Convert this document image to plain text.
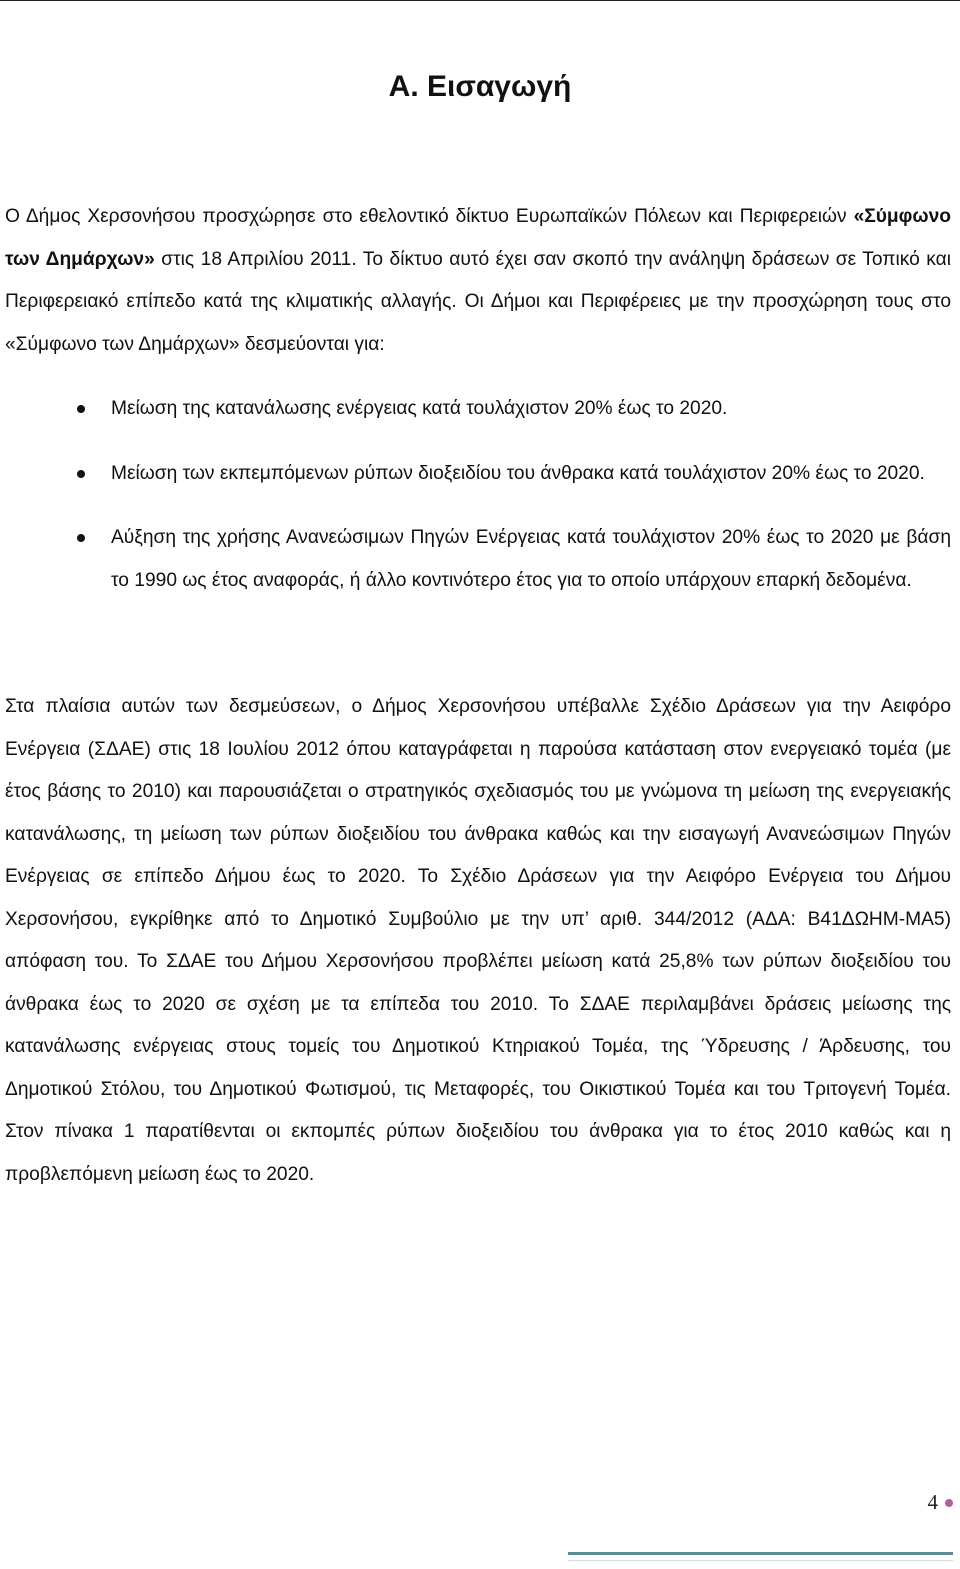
Α. Εισαγωγή

Ο Δήμος Χερσονήσου προσχώρησε στο εθελοντικό δίκτυο Ευρωπαϊκών Πόλεων και Περιφερειών «Σύμφωνο των Δημάρχων» στις 18 Απριλίου 2011. Το δίκτυο αυτό έχει σαν σκοπό την ανάληψη δράσεων σε Τοπικό και Περιφερειακό επίπεδο κατά της κλιματικής αλλαγής. Οι Δήμοι και Περιφέρειες με την προσχώρηση τους στο «Σύμφωνο των Δημάρχων» δεσμεύονται για:

Μείωση της κατανάλωσης ενέργειας κατά τουλάχιστον 20% έως το 2020.
Μείωση των εκπεμπόμενων ρύπων διοξειδίου του άνθρακα κατά τουλάχιστον 20% έως το 2020.
Αύξηση της χρήσης Ανανεώσιμων Πηγών Ενέργειας κατά τουλάχιστον 20% έως το 2020 με βάση το 1990 ως έτος αναφοράς, ή άλλο κοντινότερο έτος για το οποίο υπάρχουν επαρκή δεδομένα.

Στα πλαίσια αυτών των δεσμεύσεων, ο Δήμος Χερσονήσου υπέβαλλε Σχέδιο Δράσεων για την Αειφόρο Ενέργεια (ΣΔΑΕ) στις 18 Ιουλίου 2012 όπου καταγράφεται η παρούσα κατάσταση στον ενεργειακό τομέα (με έτος βάσης το 2010) και παρουσιάζεται ο στρατηγικός σχεδιασμός του με γνώμονα τη μείωση της ενεργειακής κατανάλωσης, τη μείωση των ρύπων διοξειδίου του άνθρακα καθώς και την εισαγωγή Ανανεώσιμων Πηγών Ενέργειας σε επίπεδο Δήμου έως το 2020. Το Σχέδιο Δράσεων για την Αειφόρο Ενέργεια του Δήμου Χερσονήσου, εγκρίθηκε από το Δημοτικό Συμβούλιο με την υπ’ αριθ. 344/2012 (ΑΔΑ: Β41ΔΩΗΜ-ΜΑ5) απόφαση του. Το ΣΔΑΕ του Δήμου Χερσονήσου προβλέπει μείωση κατά 25,8% των ρύπων διοξειδίου του άνθρακα έως το 2020 σε σχέση με τα επίπεδα του 2010. Το ΣΔΑΕ περιλαμβάνει δράσεις μείωσης της κατανάλωσης ενέργειας στους τομείς του Δημοτικού Κτηριακού Τομέα, της Ύδρευσης / Άρδευσης, του Δημοτικού Στόλου, του Δημοτικού Φωτισμού, τις Μεταφορές, του Οικιστικού Τομέα και του Τριτογενή Τομέα. Στον πίνακα 1 παρατίθενται οι εκπομπές ρύπων διοξειδίου του άνθρακα για το έτος 2010 καθώς και η προβλεπόμενη μείωση έως το 2020.

4
